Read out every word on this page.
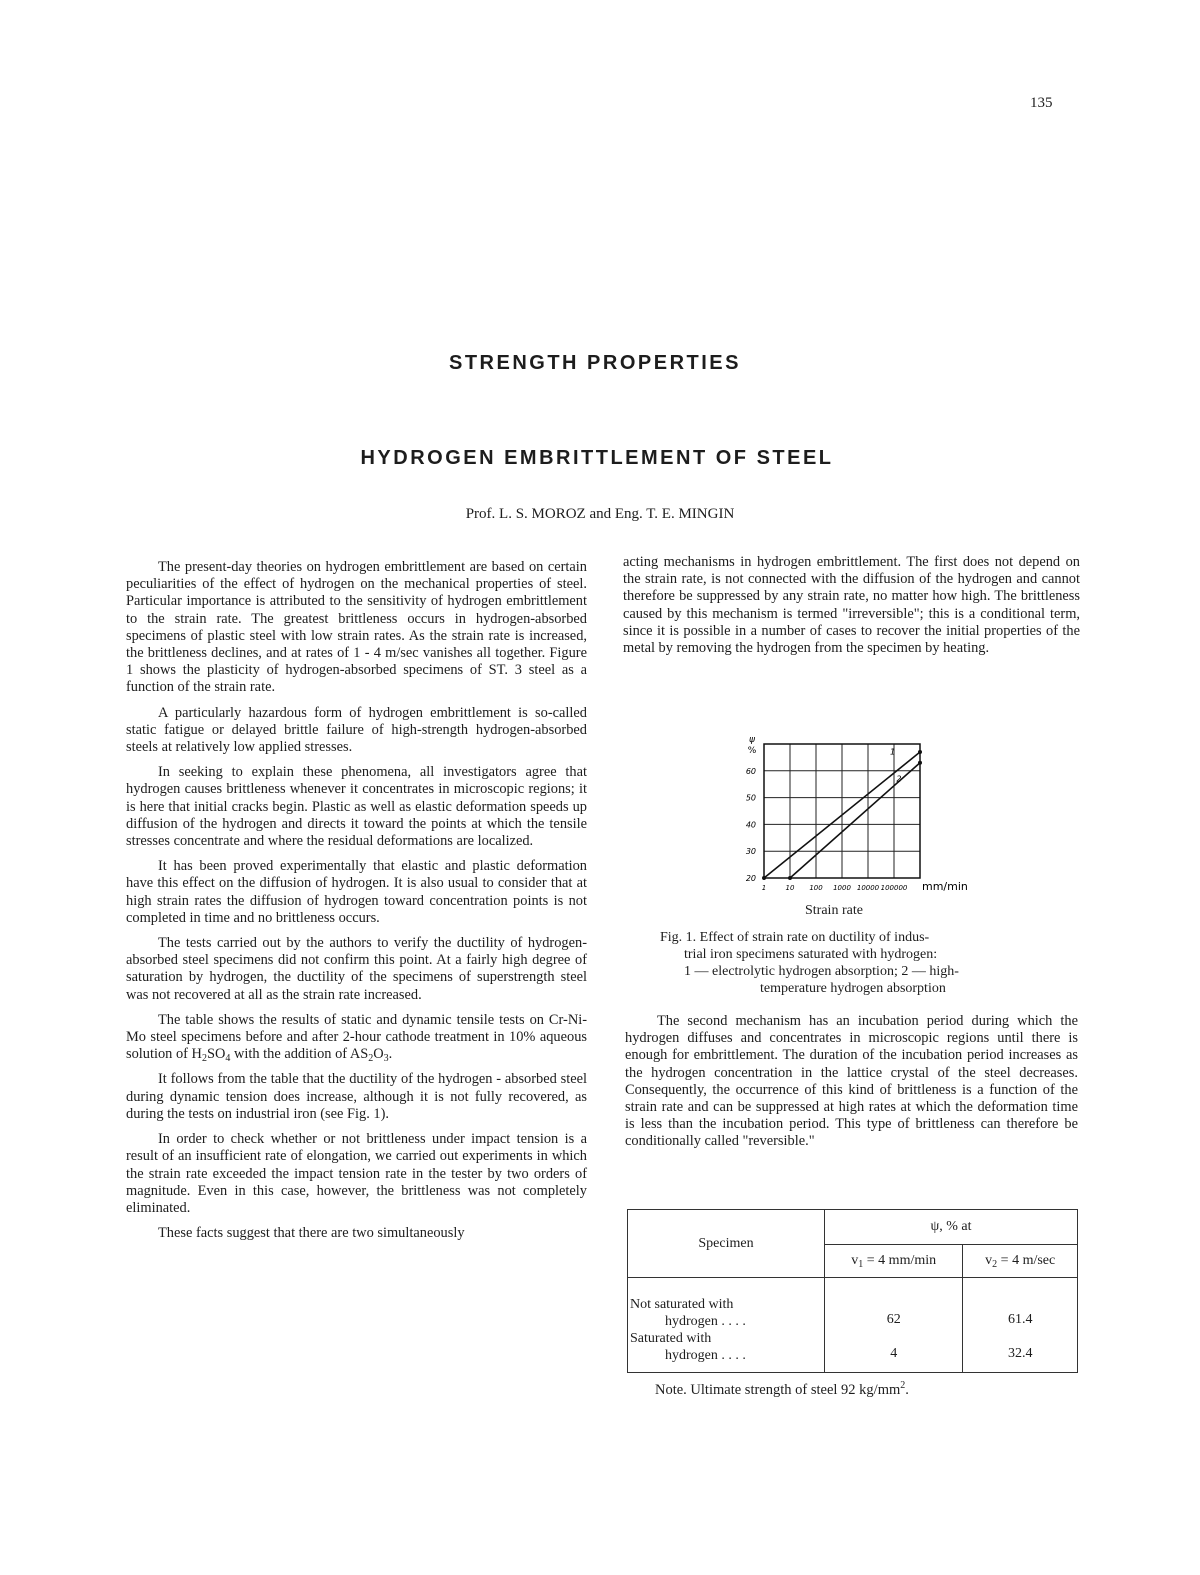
135
STRENGTH PROPERTIES
HYDROGEN EMBRITTLEMENT OF STEEL
Prof. L. S. MOROZ and Eng. T. E. MINGIN

The present-day theories on hydrogen embrittlement are based on certain peculiarities of the effect of hydrogen on the mechanical properties of steel. Particular importance is attributed to the sensitivity of hydrogen embrittlement to the strain rate. The greatest brittleness occurs in hydrogen-absorbed specimens of plastic steel with low strain rates. As the strain rate is increased, the brittleness declines, and at rates of 1 - 4 m/sec vanishes all together. Figure 1 shows the plasticity of hydrogen-absorbed specimens of ST. 3 steel as a function of the strain rate.

A particularly hazardous form of hydrogen embrittlement is so-called static fatigue or delayed brittle failure of high-strength hydrogen-absorbed steels at relatively low applied stresses.

In seeking to explain these phenomena, all investigators agree that hydrogen causes brittleness whenever it concentrates in microscopic regions; it is here that initial cracks begin. Plastic as well as elastic deformation speeds up diffusion of the hydrogen and directs it toward the points at which the tensile stresses concentrate and where the residual deformations are localized.

It has been proved experimentally that elastic and plastic deformation have this effect on the diffusion of hydrogen. It is also usual to consider that at high strain rates the diffusion of hydrogen toward concentration points is not completed in time and no brittleness occurs.

The tests carried out by the authors to verify the ductility of hydrogen-absorbed steel specimens did not confirm this point. At a fairly high degree of saturation by hydrogen, the ductility of the specimens of superstrength steel was not recovered at all as the strain rate increased.

The table shows the results of static and dynamic tensile tests on Cr-Ni-Mo steel specimens before and after 2-hour cathode treatment in 10% aqueous solution of $H_2SO_4$ with the addition of $AS_2O_3$.

It follows from the table that the ductility of the hydrogen - absorbed steel during dynamic tension does increase, although it is not fully recovered, as during the tests on industrial iron (see Fig. 1).

In order to check whether or not brittleness under impact tension is a result of an insufficient rate of elongation, we carried out experiments in which the strain rate exceeded the impact tension rate in the tester by two orders of magnitude. Even in this case, however, the brittleness was not completely eliminated.

These facts suggest that there are two simultaneously

acting mechanisms in hydrogen embrittlement. The first does not depend on the strain rate, is not connected with the diffusion of the hydrogen and cannot therefore be suppressed by any strain rate, no matter how high. The brittleness caused by this mechanism is termed "irreversible"; this is a conditional term, since it is possible in a number of cases to recover the initial properties of the metal by removing the hydrogen from the specimen by heating.

20
30
40
50
60
ψ
%
1	10 100 1000 10000 100000 mm/min
1
2
Strain rate
Fig. 1. Effect of strain rate on ductility of indus-
trial iron specimens saturated with hydrogen:
1 — electrolytic hydrogen absorption; 2 — high-
temperature hydrogen absorption

The second mechanism has an incubation period during which the hydrogen diffuses and concentrates in microscopic regions until there is enough for embrittlement. The duration of the incubation period increases as the hydrogen concentration in the lattice crystal of the steel decreases. Consequently, the occurrence of this kind of brittleness is a function of the strain rate and can be suppressed at high rates at which the deformation time is less than the incubation period. This type of brittleness can therefore be conditionally called "reversible."

Specimen	ψ, % at	
	$v_1 = 4$ mm/min	$v_2 = 4$ m/sec
Not saturated with
hydrogen . . . .	62	61.4
Saturated with
hydrogen . . . .	4	32.4
Note. Ultimate strength of steel 92 $kg/mm^2$.
